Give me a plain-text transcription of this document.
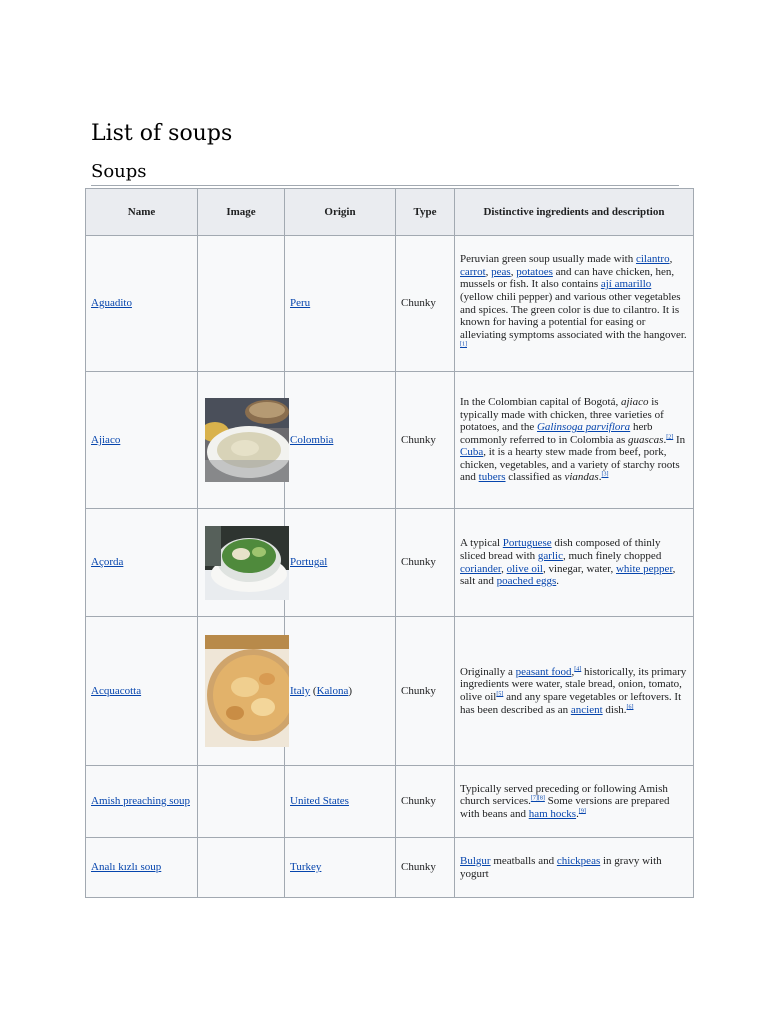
List of soups
Soups
Name	Image	Origin	Type	Distinctive ingredients and description
Aguadito		Peru	Chunky	Peruvian green soup usually made with cilantro, carrot, peas, potatoes and can have chicken, hen, mussels or fish. It also contains ají amarillo (yellow chili pepper) and various other vegetables and spices. The green color is due to cilantro. It is known for having a potential for easing or alleviating symptoms associated with the hangover.[1]
Ajiaco		Colombia	Chunky	In the Colombian capital of Bogotá, ajiaco is typically made with chicken, three varieties of potatoes, and the Galinsoga parviflora herb commonly referred to in Colombia as guascas.[2] In Cuba, it is a hearty stew made from beef, pork, chicken, vegetables, and a variety of starchy roots and tubers classified as viandas.[3]
Açorda		Portugal	Chunky	A typical Portuguese dish composed of thinly sliced bread with garlic, much finely chopped coriander, olive oil, vinegar, water, white pepper, salt and poached eggs.
Acquacotta		Italy (Kalona)	Chunky	Originally a peasant food,[4] historically, its primary ingredients were water, stale bread, onion, tomato, olive oil[5] and any spare vegetables or leftovers. It has been described as an ancient dish.[6]
Amish preaching soup		United States	Chunky	Typically served preceding or following Amish church services.[7][8] Some versions are prepared with beans and ham hocks.[9]
Analı kızlı soup		Turkey	Chunky	Bulgur meatballs and chickpeas in gravy with yogurt
